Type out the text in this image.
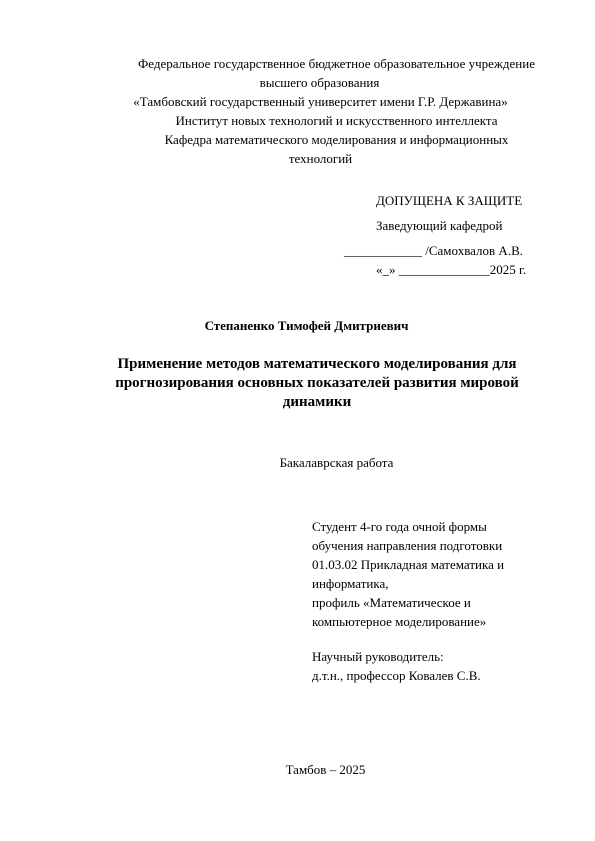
Федеральное государственное бюджетное образовательное учреждение
высшего образования
«Тамбовский государственный университет имени Г.Р. Державина»
Институт новых технологий и искусственного интеллекта
Кафедра математического моделирования и информационных
технологий
ДОПУЩЕНА К ЗАЩИТЕ
Заведующий кафедрой
____________ /Самохвалов А.В.
«_» ______________2025 г.
Степаненко Тимофей Дмитриевич
Применение методов математического моделирования для прогнозирования основных показателей развития мировой динамики
Бакалаврская работа
Студент 4-го года очной формы
обучения направления подготовки
01.03.02 Прикладная математика и
информатика,
профиль «Математическое и
компьютерное моделирование»
Научный руководитель:
д.т.н., профессор Ковалев С.В.
Тамбов – 2025
